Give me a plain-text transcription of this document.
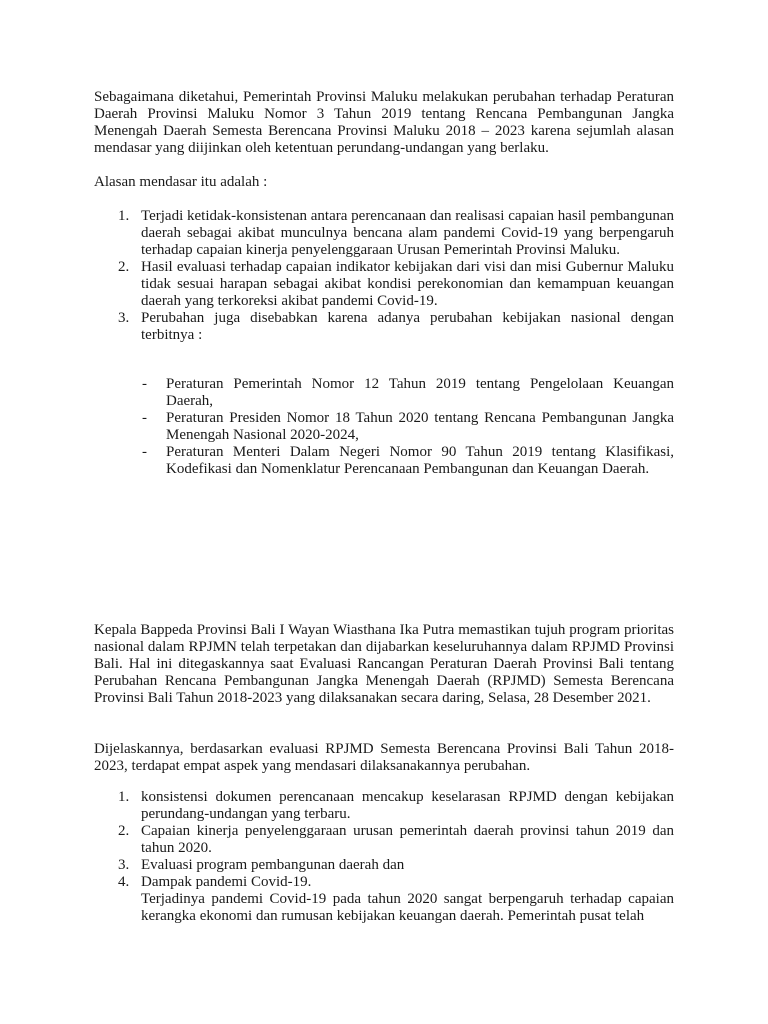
Sebagaimana diketahui, Pemerintah Provinsi Maluku melakukan perubahan terhadap Peraturan Daerah Provinsi Maluku Nomor 3 Tahun 2019 tentang Rencana Pembangunan Jangka Menengah Daerah Semesta Berencana Provinsi Maluku 2018 – 2023 karena sejumlah alasan mendasar yang diijinkan oleh ketentuan perundang-undangan yang berlaku.

Alasan mendasar itu adalah :

1. Terjadi ketidak-konsistenan antara perencanaan dan realisasi capaian hasil pembangunan daerah sebagai akibat munculnya bencana alam pandemi Covid-19 yang berpengaruh terhadap capaian kinerja penyelenggaraan Urusan Pemerintah Provinsi Maluku.
2. Hasil evaluasi terhadap capaian indikator kebijakan dari visi dan misi Gubernur Maluku tidak sesuai harapan sebagai akibat kondisi perekonomian dan kemampuan keuangan daerah yang terkoreksi akibat pandemi Covid-19.
3. Perubahan juga disebabkan karena adanya perubahan kebijakan nasional dengan terbitnya :
- Peraturan Pemerintah Nomor 12 Tahun 2019 tentang Pengelolaan Keuangan Daerah,
- Peraturan Presiden Nomor 18 Tahun 2020 tentang Rencana Pembangunan Jangka Menengah Nasional 2020-2024,
- Peraturan Menteri Dalam Negeri Nomor 90 Tahun 2019 tentang Klasifikasi, Kodefikasi dan Nomenklatur Perencanaan Pembangunan dan Keuangan Daerah.

Kepala Bappeda Provinsi Bali I Wayan Wiasthana Ika Putra memastikan tujuh program prioritas nasional dalam RPJMN telah terpetakan dan dijabarkan keseluruhannya dalam RPJMD Provinsi Bali. Hal ini ditegaskannya saat Evaluasi Rancangan Peraturan Daerah Provinsi Bali tentang Perubahan Rencana Pembangunan Jangka Menengah Daerah (RPJMD) Semesta Berencana Provinsi Bali Tahun 2018-2023 yang dilaksanakan secara daring, Selasa, 28 Desember 2021.

Dijelaskannya, berdasarkan evaluasi RPJMD Semesta Berencana Provinsi Bali Tahun 2018-2023, terdapat empat aspek yang mendasari dilaksanakannya perubahan.

1. konsistensi dokumen perencanaan mencakup keselarasan RPJMD dengan kebijakan perundang-undangan yang terbaru.
2. Capaian kinerja penyelenggaraan urusan pemerintah daerah provinsi tahun 2019 dan tahun 2020.
3. Evaluasi program pembangunan daerah dan
4. Dampak pandemi Covid-19.
Terjadinya pandemi Covid-19 pada tahun 2020 sangat berpengaruh terhadap capaian kerangka ekonomi dan rumusan kebijakan keuangan daerah. Pemerintah pusat telah
